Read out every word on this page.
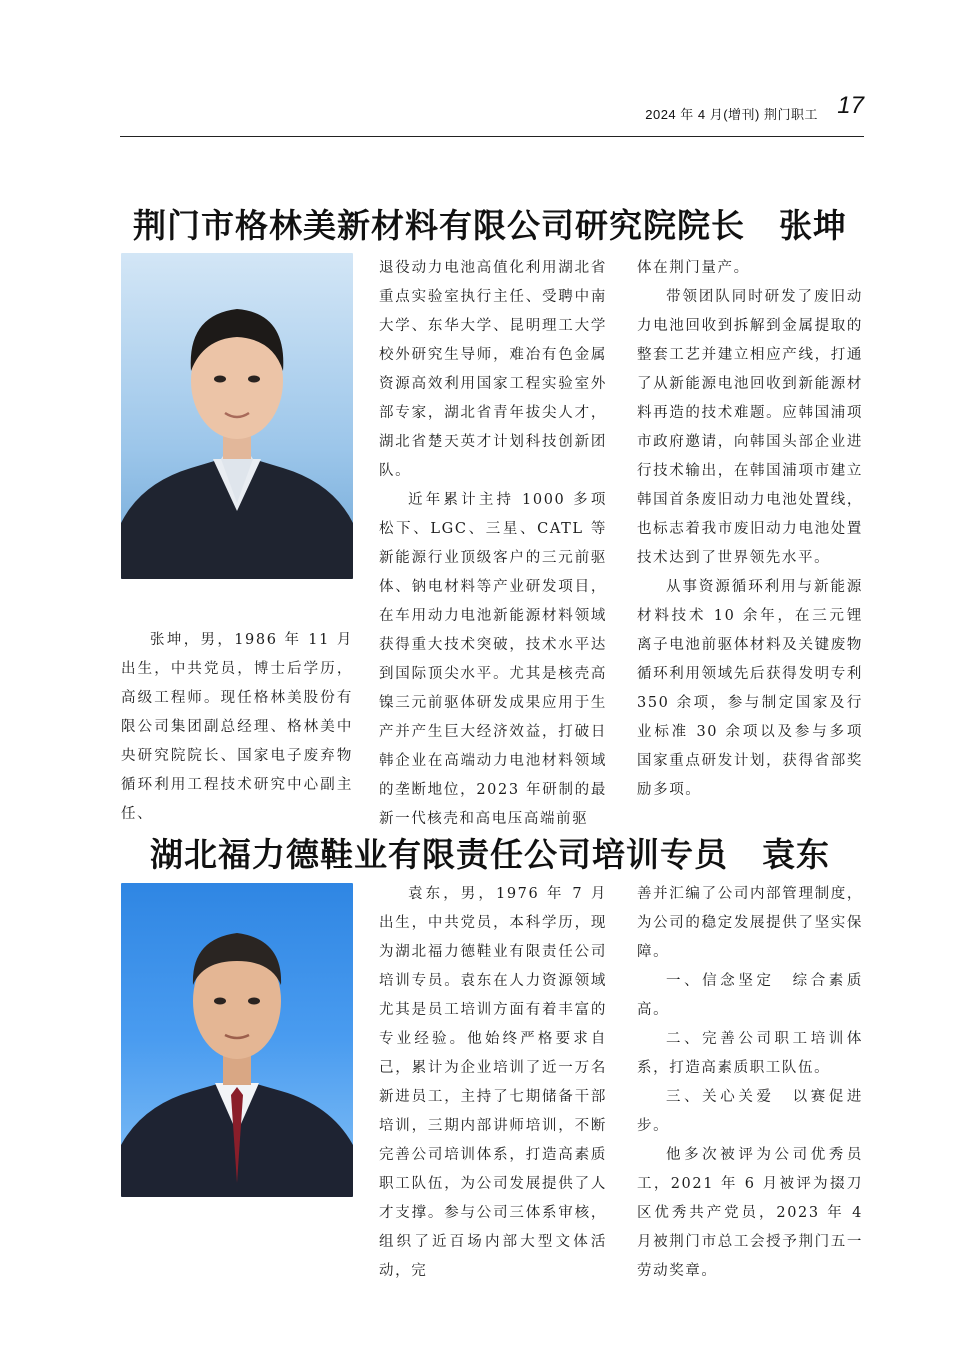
2024 年 4 月(增刊) 荆门职工 17
荆门市格林美新材料有限公司研究院院长 张坤

张坤，男，1986 年 11 月出生，中共党员，博士后学历，高级工程师。现任格林美股份有限公司集团副总经理、格林美中央研究院院长、国家电子废弃物循环利用工程技术研究中心副主任、

退役动力电池高值化利用湖北省重点实验室执行主任、受聘中南大学、东华大学、昆明理工大学校外研究生导师，难冶有色金属资源高效利用国家工程实验室外部专家，湖北省青年拔尖人才，湖北省楚天英才计划科技创新团队。

近年累计主持 1000 多项松下、LGC、三星、CATL 等新能源行业顶级客户的三元前驱体、钠电材料等产业研发项目，在车用动力电池新能源材料领域获得重大技术突破，技术水平达到国际顶尖水平。尤其是核壳高镍三元前驱体研发成果应用于生产并产生巨大经济效益，打破日韩企业在高端动力电池材料领域的垄断地位，2023 年研制的最新一代核壳和高电压高端前驱

体在荆门量产。

带领团队同时研发了废旧动力电池回收到拆解到金属提取的整套工艺并建立相应产线，打通了从新能源电池回收到新能源材料再造的技术难题。应韩国浦项市政府邀请，向韩国头部企业进行技术输出，在韩国浦项市建立韩国首条废旧动力电池处置线，也标志着我市废旧动力电池处置技术达到了世界领先水平。

从事资源循环利用与新能源材料技术 10 余年，在三元锂离子电池前驱体材料及关键废物循环利用领域先后获得发明专利 350 余项，参与制定国家及行业标准 30 余项以及参与多项国家重点研发计划，获得省部奖励多项。

湖北福力德鞋业有限责任公司培训专员 袁东

袁东，男，1976 年 7 月出生，中共党员，本科学历，现为湖北福力德鞋业有限责任公司培训专员。袁东在人力资源领域尤其是员工培训方面有着丰富的专业经验。他始终严格要求自己，累计为企业培训了近一万名新进员工，主持了七期储备干部培训，三期内部讲师培训，不断完善公司培训体系，打造高素质职工队伍，为公司发展提供了人才支撑。参与公司三体系审核，组织了近百场内部大型文体活动，完

善并汇编了公司内部管理制度，为公司的稳定发展提供了坚实保障。

一、信念坚定　综合素质高。

二、完善公司职工培训体系，打造高素质职工队伍。

三、关心关爱　以赛促进步。

他多次被评为公司优秀员工，2021 年 6 月被评为掇刀区优秀共产党员，2023 年 4 月被荆门市总工会授予荆门五一劳动奖章。
